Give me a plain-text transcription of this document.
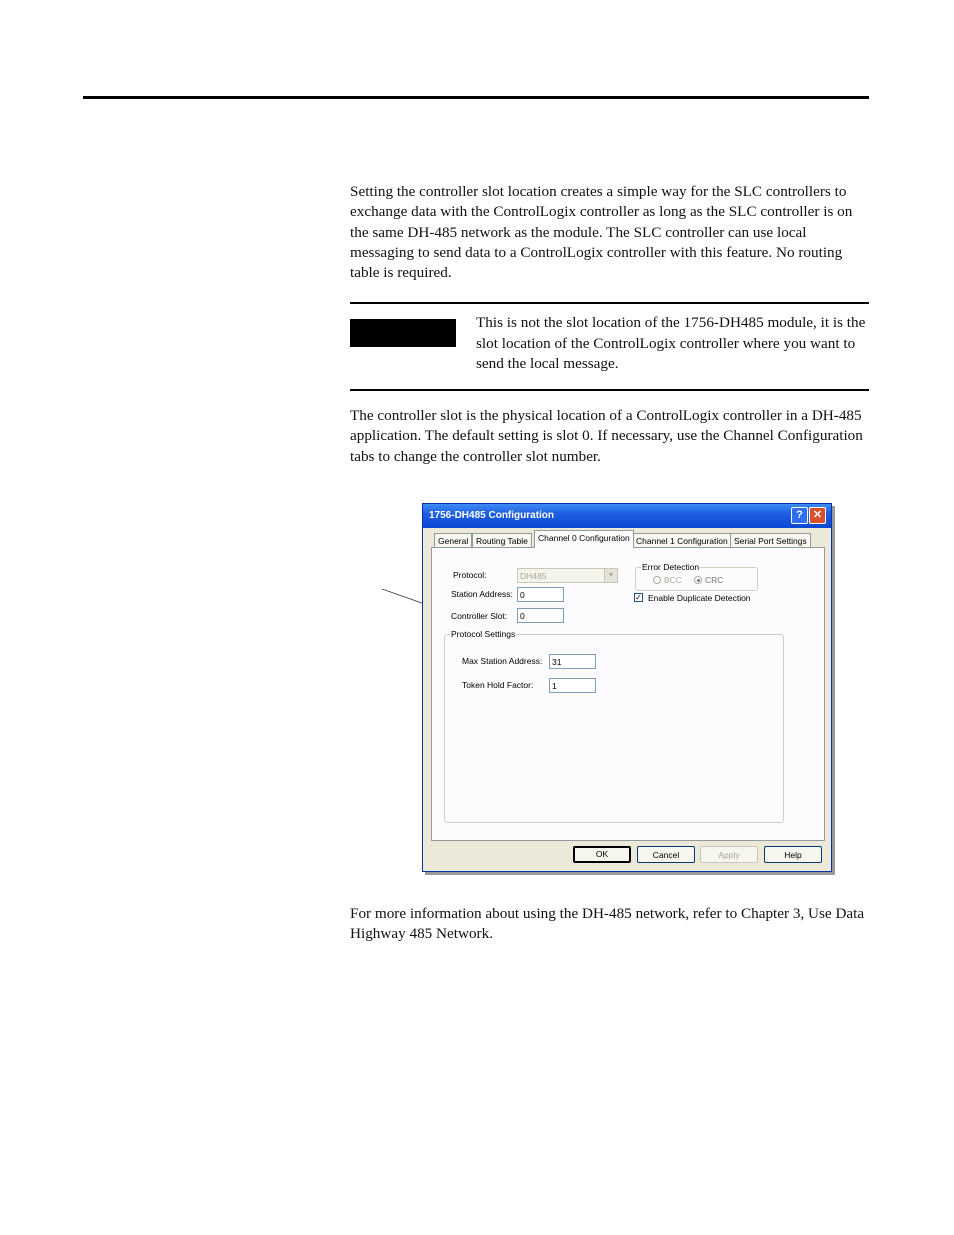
Setting the controller slot location creates a simple way for the SLC controllers to exchange data with the ControlLogix controller as long as the SLC controller is on the same DH-485 network as the module. The SLC controller can use local messaging to send data to a ControlLogix controller with this feature. No routing table is required.

This is not the slot location of the 1756-DH485 module, it is the slot location of the ControlLogix controller where you want to send the local message.

The controller slot is the physical location of a ControlLogix controller in a DH-485 application. The default setting is slot 0. If necessary, use the Channel Configuration tabs to change the controller slot number.

1756-DH485 Configuration	? ✕
General Routing Table	Channel 0 Configuration Channel 1 Configuration Serial Port Settings
Protocol:	DH485	▼
Station Address: 0
Controller Slot:	0
Error Detection
BCC	CRC
✓ Enable Duplicate Detection
Protocol Settings
Max Station Address:	31
Token Hold Factor:	1
OK	Cancel	Apply	Help

For more information about using the DH-485 network, refer to Chapter 3, Use Data Highway 485 Network.
